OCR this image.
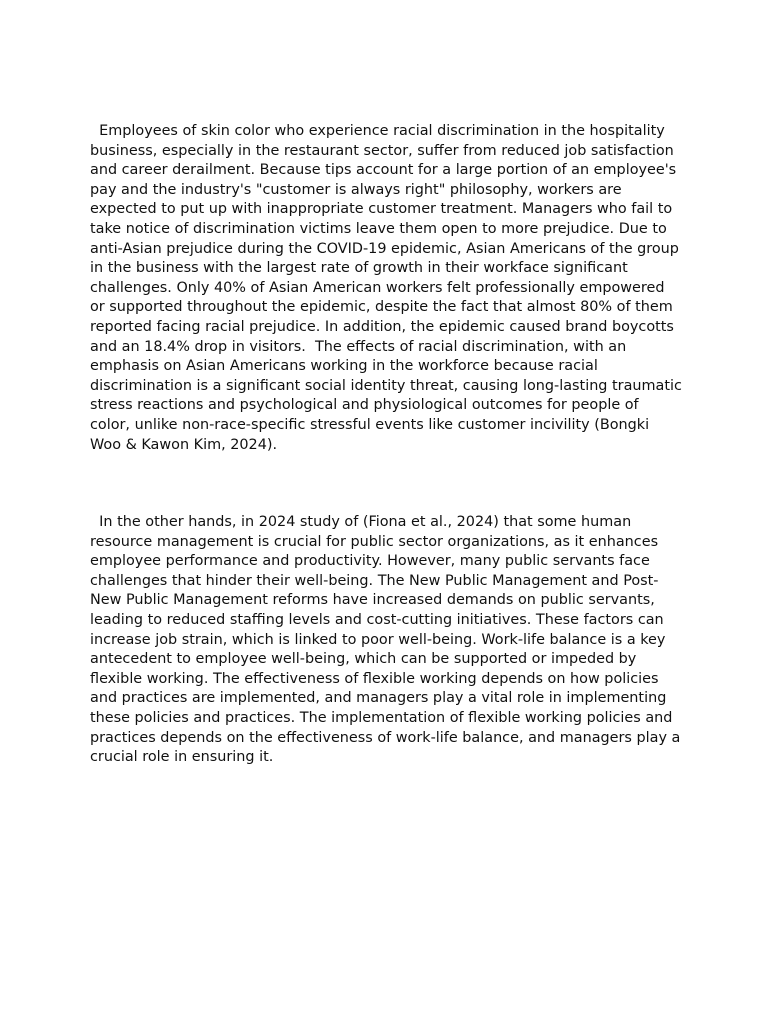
Employees of skin color who experience racial discrimination in the hospitality business, especially in the restaurant sector, suffer from reduced job satisfaction and career derailment. Because tips account for a large portion of an employee's pay and the industry's "customer is always right" philosophy, workers are expected to put up with inappropriate customer treatment. Managers who fail to take notice of discrimination victims leave them open to more prejudice. Due to anti-Asian prejudice during the COVID-19 epidemic, Asian Americans of the group in the business with the largest rate of growth in their workface significant challenges. Only 40% of Asian American workers felt professionally empowered or supported throughout the epidemic, despite the fact that almost 80% of them reported facing racial prejudice. In addition, the epidemic caused brand boycotts and an 18.4% drop in visitors.  The effects of racial discrimination, with an emphasis on Asian Americans working in the workforce because racial discrimination is a significant social identity threat, causing long-lasting traumatic stress reactions and psychological and physiological outcomes for people of color, unlike non-race-specific stressful events like customer incivility (Bongki Woo & Kawon Kim, 2024).

In the other hands, in 2024 study of (Fiona et al., 2024) that some human resource management is crucial for public sector organizations, as it enhances employee performance and productivity. However, many public servants face challenges that hinder their well-being. The New Public Management and Post-New Public Management reforms have increased demands on public servants, leading to reduced staffing levels and cost-cutting initiatives. These factors can increase job strain, which is linked to poor well-being. Work-life balance is a key antecedent to employee well-being, which can be supported or impeded by flexible working. The effectiveness of flexible working depends on how policies and practices are implemented, and managers play a vital role in implementing these policies and practices. The implementation of flexible working policies and practices depends on the effectiveness of work-life balance, and managers play a crucial role in ensuring it.
